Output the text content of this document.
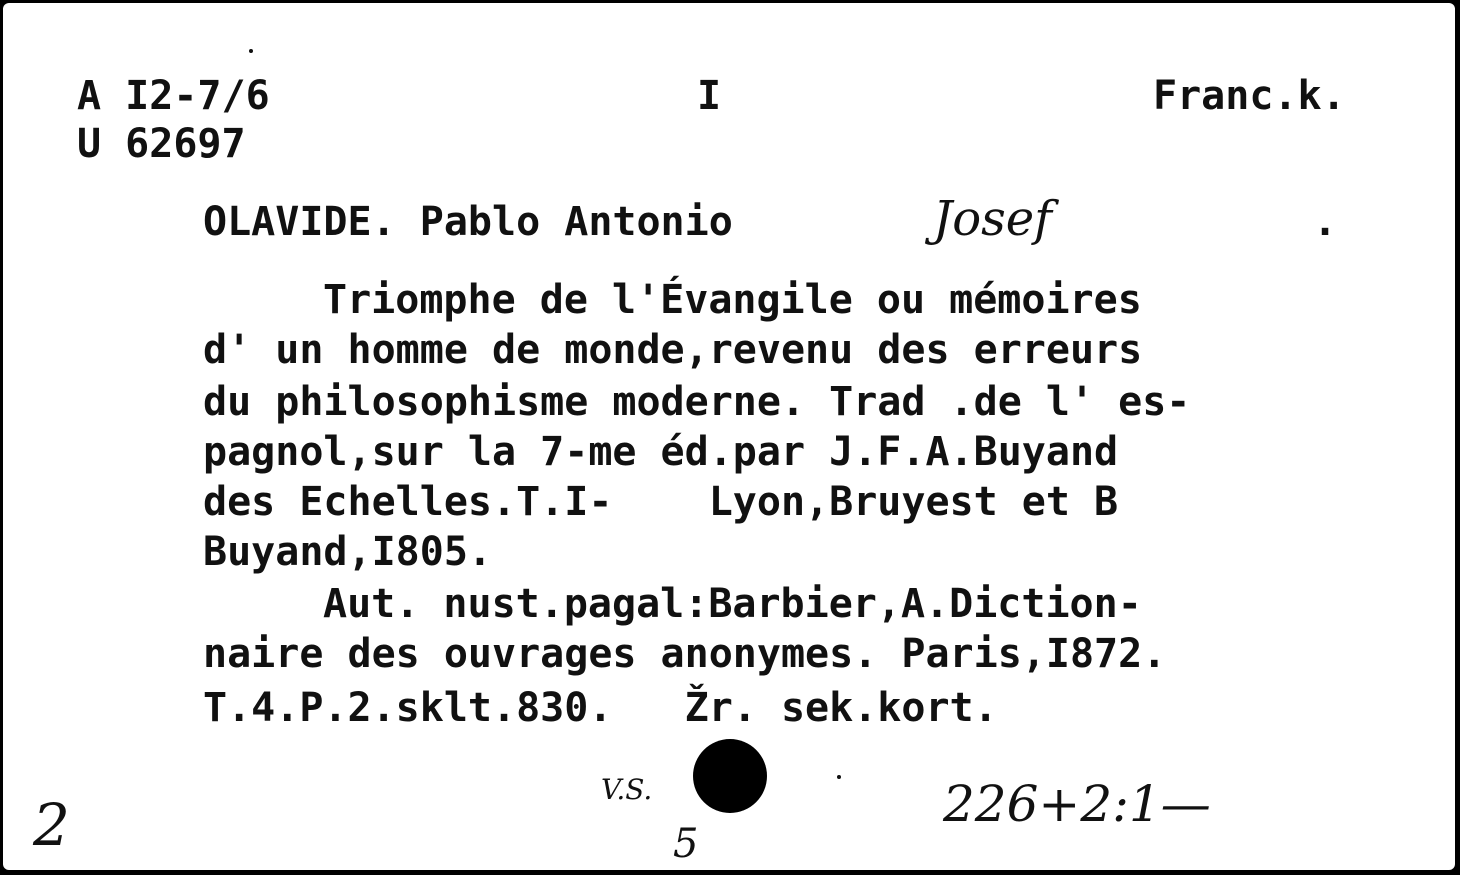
A I2-7/6
U 62697
I	Franc.k.
OLAVIDE. Pablo Antonio	Josef	.
Triomphe de l'Évangile ou mémoires
d' un homme de monde,revenu des erreurs
du philosophisme moderne. Trad .de l' es-
pagnol,sur la 7-me éd.par J.F.A.Buyand
des Echelles.T.I-    Lyon,Bruyest et B
Buyand,I805.
Aut. nust.pagal:Barbier,A.Diction-
naire des ouvrages anonymes. Paris,I872.
T.4.P.2.sklt.830.   Žr. sek.kort.
2
V.S.
5
226+2:1—
